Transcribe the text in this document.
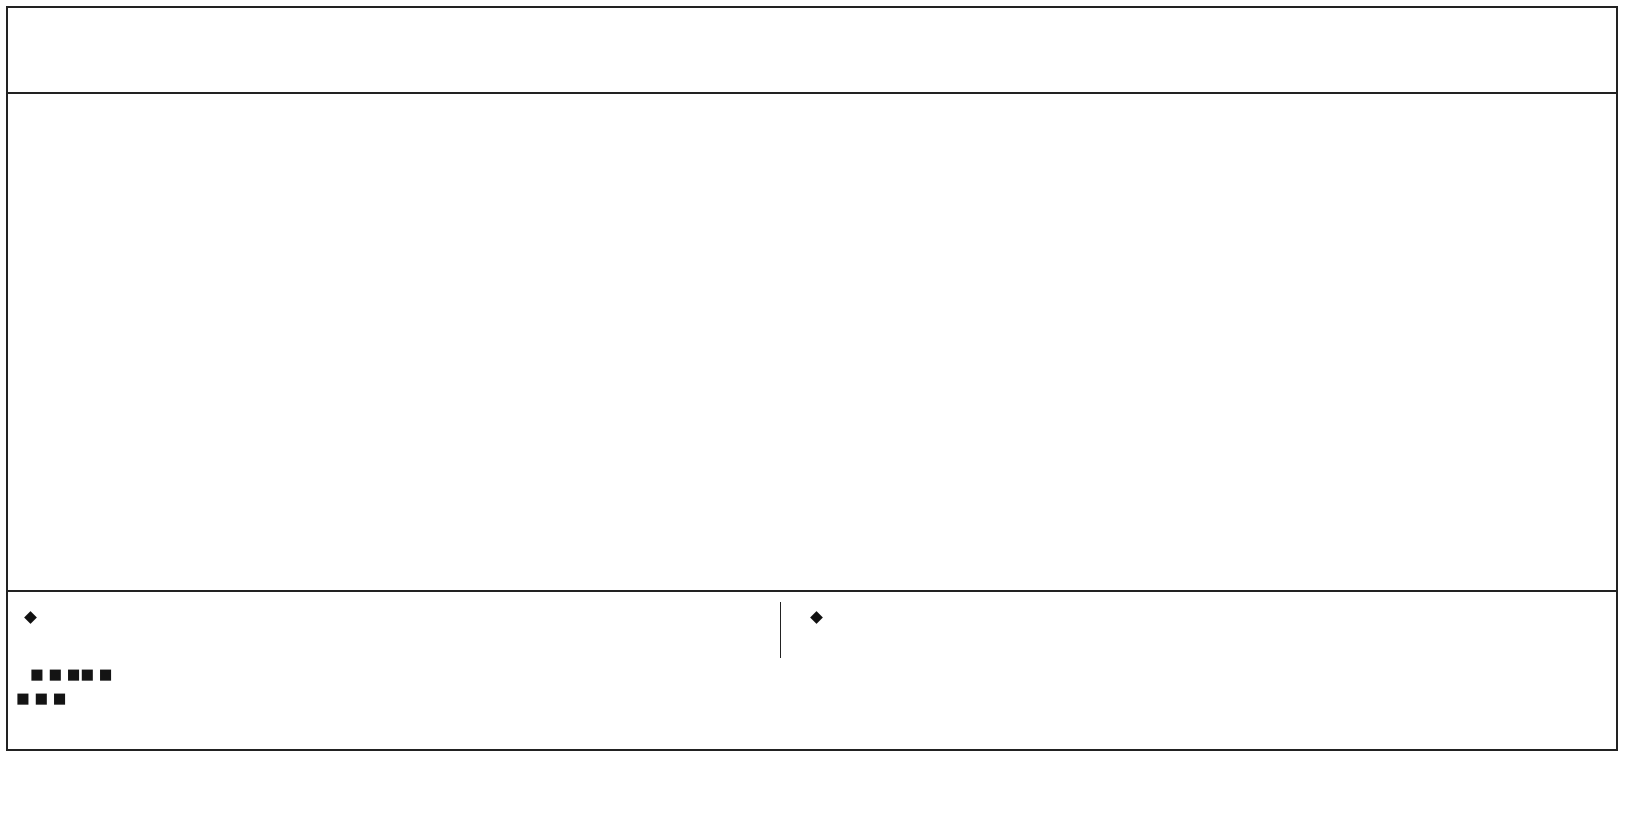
■ ■ ■■ ■
■ ■ ■
